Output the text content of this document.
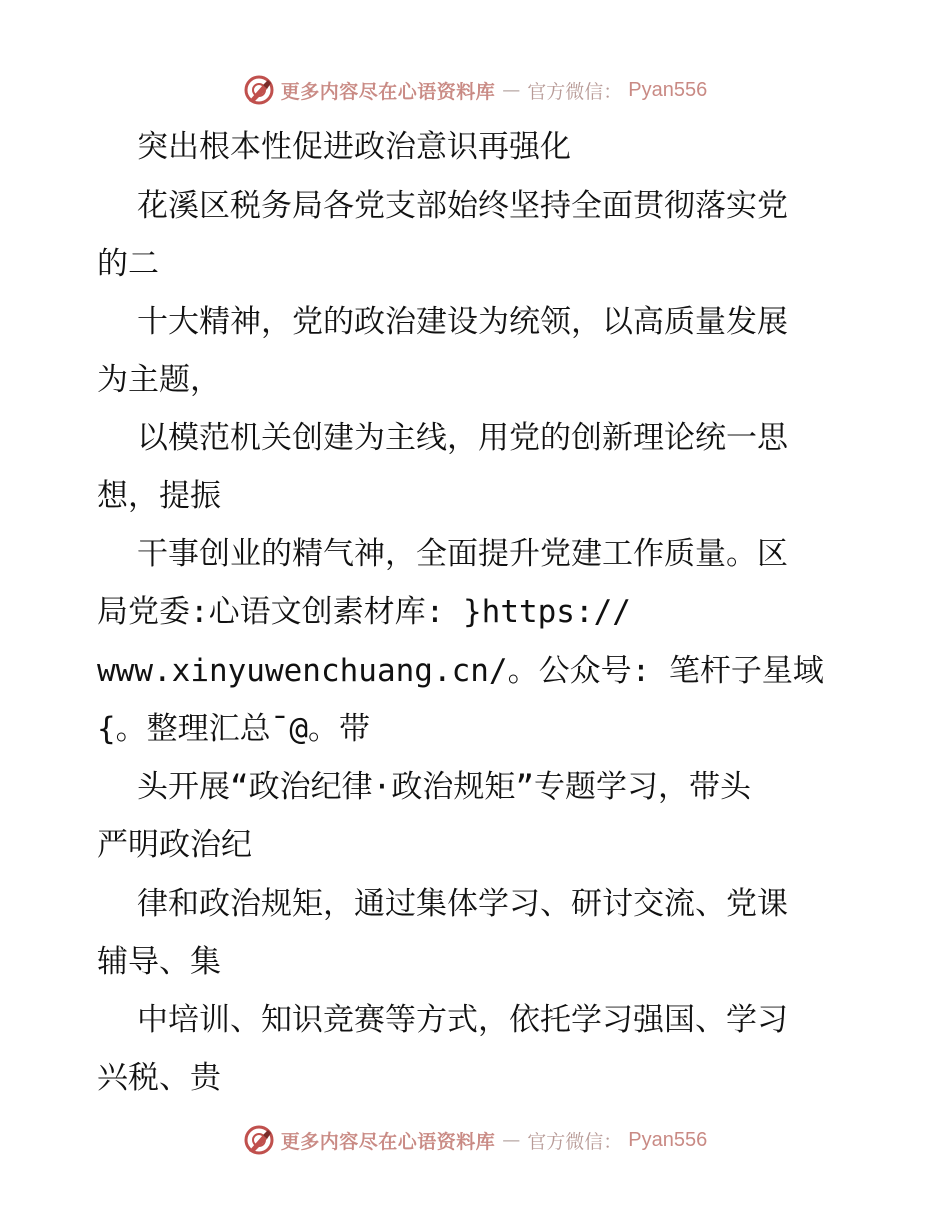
更多内容尽在心语资料库 — 官方微信： Pyan556
突出根本性促进政治意识再强化
花溪区税务局各党支部始终坚持全面贯彻落实党
的二
十大精神，党的政治建设为统领，以高质量发展
为主题，
以模范机关创建为主线，用党的创新理论统一思
想，提振
干事创业的精气神，全面提升党建工作质量。区
局党委:心语文创素材库: }https://
www.xinyuwenchuang.cn/。公众号: 笔杆子星域
{。整理汇总¯@。带
头开展“政治纪律·政治规矩”专题学习，带头
严明政治纪
律和政治规矩，通过集体学习、研讨交流、党课
辅导、集
中培训、知识竞赛等方式，依托学习强国、学习
兴税、贵
更多内容尽在心语资料库 — 官方微信： Pyan556
